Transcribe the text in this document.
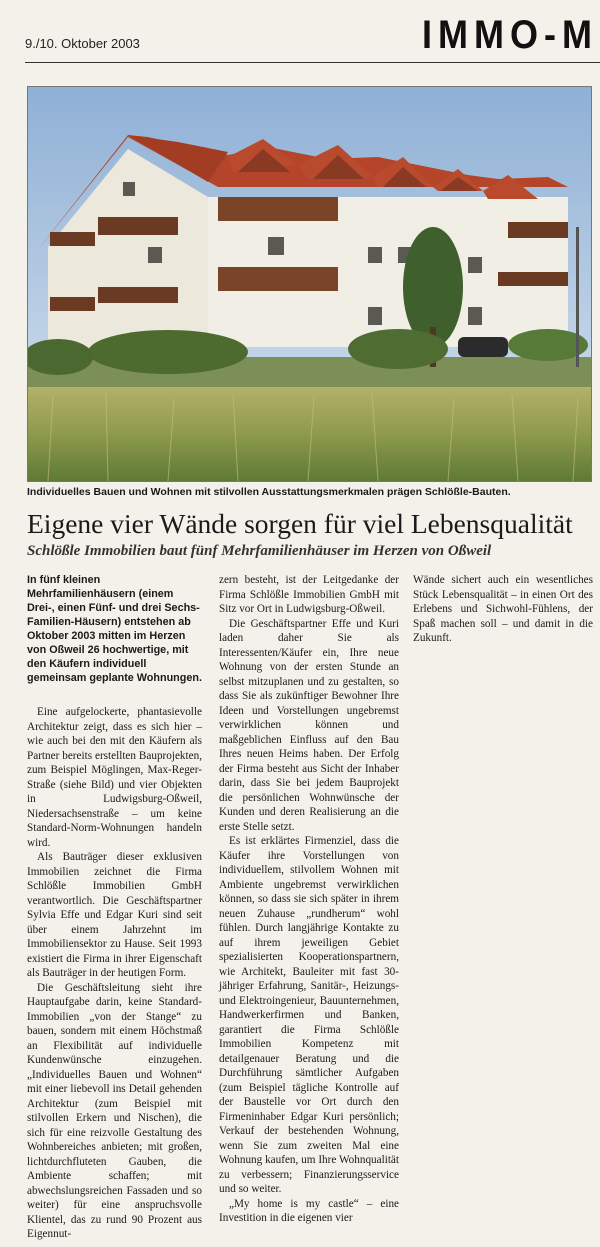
9./10. Oktober 2003	IMMO-M
Individuelles Bauen und Wohnen mit stilvollen Ausstattungsmerkmalen prägen Schlößle-Bauten.
Eigene vier Wände sorgen für viel Lebensqualität
Schlößle Immobilien baut fünf Mehrfamilienhäuser im Herzen von Oßweil

In fünf kleinen Mehrfamilienhäusern (einem Drei-, einen Fünf- und drei Sechs-Familien-Häusern) entstehen ab Oktober 2003 mitten im Herzen von Oßweil 26 hochwertige, mit den Käufern individuell gemeinsam geplante Wohnungen.

Eine aufgelockerte, phantasievolle Architektur zeigt, dass es sich hier – wie auch bei den mit den Käufern als Partner bereits erstellten Bauprojekten, zum Beispiel Möglingen, Max-Reger-Straße (siehe Bild) und vier Objekten in Ludwigsburg-Oßweil, Niedersachsenstraße – um keine Standard-Norm-Wohnungen handeln wird.

Als Bauträger dieser exklusiven Immobilien zeichnet die Firma Schlößle Immobilien GmbH verantwortlich. Die Geschäftspartner Sylvia Effe und Edgar Kuri sind seit über einem Jahrzehnt im Immobiliensektor zu Hause. Seit 1993 existiert die Firma in ihrer Eigenschaft als Bauträger in der heutigen Form.

Die Geschäftsleitung sieht ihre Hauptaufgabe darin, keine Standard-Immobilien „von der Stange“ zu bauen, sondern mit einem Höchstmaß an Flexibilität auf individuelle Kundenwünsche einzugehen. „Individuelles Bauen und Wohnen“ mit einer liebevoll ins Detail gehenden Architektur (zum Beispiel mit stilvollen Erkern und Nischen), die sich für eine reizvolle Gestaltung des Wohnbereiches anbieten; mit großen, lichtdurchfluteten Gauben, die Ambiente schaffen; mit abwechslungsreichen Fassaden und so weiter) für eine anspruchsvolle Klientel, das zu rund 90 Prozent aus Eigennut-

zern besteht, ist der Leitgedanke der Firma Schlößle Immobilien GmbH mit Sitz vor Ort in Ludwigsburg-Oßweil.

Die Geschäftspartner Effe und Kuri laden daher Sie als Interessenten/Käufer ein, Ihre neue Wohnung von der ersten Stunde an selbst mitzuplanen und zu gestalten, so dass Sie als zukünftiger Bewohner Ihre Ideen und Vorstellungen ungebremst verwirklichen können und maßgeblichen Einfluss auf den Bau Ihres neuen Heims haben. Der Erfolg der Firma besteht aus Sicht der Inhaber darin, dass Sie bei jedem Bauprojekt die persönlichen Wohnwünsche der Kunden und deren Realisierung an die erste Stelle setzt.

Es ist erklärtes Firmenziel, dass die Käufer ihre Vorstellungen von individuellem, stilvollem Wohnen mit Ambiente ungebremst verwirklichen können, so dass sie sich später in ihrem neuen Zuhause „rundherum“ wohl fühlen. Durch langjährige Kontakte zu auf ihrem jeweiligen Gebiet spezialisierten Kooperationspartnern, wie Architekt, Bauleiter mit fast 30-jähriger Erfahrung, Sanitär-, Heizungs- und Elektroingenieur, Bauunternehmen, Handwerkerfirmen und Banken, garantiert die Firma Schlößle Immobilien Kompetenz mit detailgenauer Beratung und die Durchführung sämtlicher Aufgaben (zum Beispiel tägliche Kontrolle auf der Baustelle vor Ort durch den Firmeninhaber Edgar Kuri persönlich; Verkauf der bestehenden Wohnung, wenn Sie zum zweiten Mal eine Wohnung kaufen, um Ihre Wohnqualität zu verbessern; Finanzierungsservice und so weiter.

„My home is my castle“ – eine Investition in die eigenen vier

Wände sichert auch ein wesentliches Stück Lebensqualität – in einen Ort des Erlebens und Sichwohl-Fühlens, der Spaß machen soll – und damit in die Zukunft.
